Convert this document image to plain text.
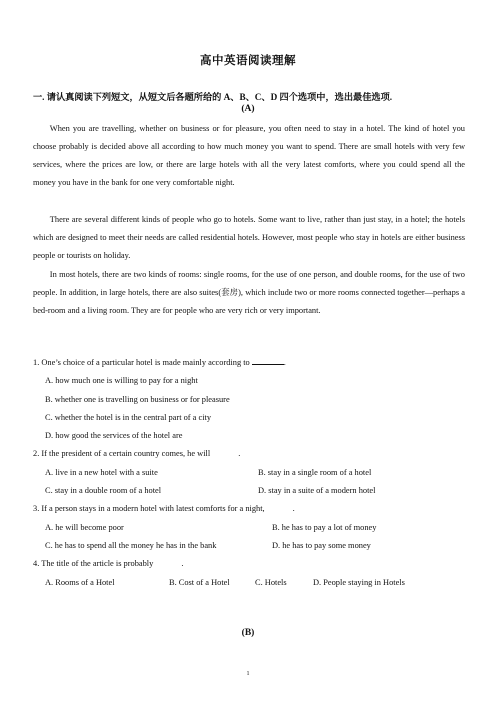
高中英语阅读理解
一. 请认真阅读下列短文，从短文后各题所给的 A、B、C、D 四个选项中，选出最佳选项.
(A)

When you are travelling, whether on business or for pleasure, you often need to stay in a hotel. The kind of hotel you choose probably is decided above all according to how much money you want to spend. There are small hotels with very few services, where the prices are low, or there are large hotels with all the very latest comforts, where you could spend all the money you have in the bank for one very comfortable night.

There are several different kinds of people who go to hotels. Some want to live, rather than just stay, in a hotel; the hotels which are designed to meet their needs are called residential hotels. However, most people who stay in hotels are either business people or tourists on holiday.

In most hotels, there are two kinds of rooms: single rooms, for the use of one person, and double rooms, for the use of two people. In addition, in large hotels, there are also suites(套房), which include two or more rooms connected together—perhaps a bed-room and a living room. They are for people who are very rich or very important.

1. One’s choice of a particular hotel is made mainly according to	.
A. how much one is willing to pay for a night
B. whether one is travelling on business or for pleasure
C. whether the hotel is in the central part of a city
D. how good the services of the hotel are
2. If the president of a certain country comes, he will	.
A. live in a new hotel with a suite	B. stay in a single room of a hotel
C. stay in a double room of a hotel	D. stay in a suite of a modern hotel
3. If a person stays in a modern hotel with latest comforts for a night,	.
A. he will become poor	B. he has to pay a lot of money
C. he has to spend all the money he has in the bank	D. he has to pay some money
4. The title of the article is probably	.
A. Rooms of a Hotel	B. Cost of a Hotel	C. Hotels	D. People staying in Hotels
(B)
1
